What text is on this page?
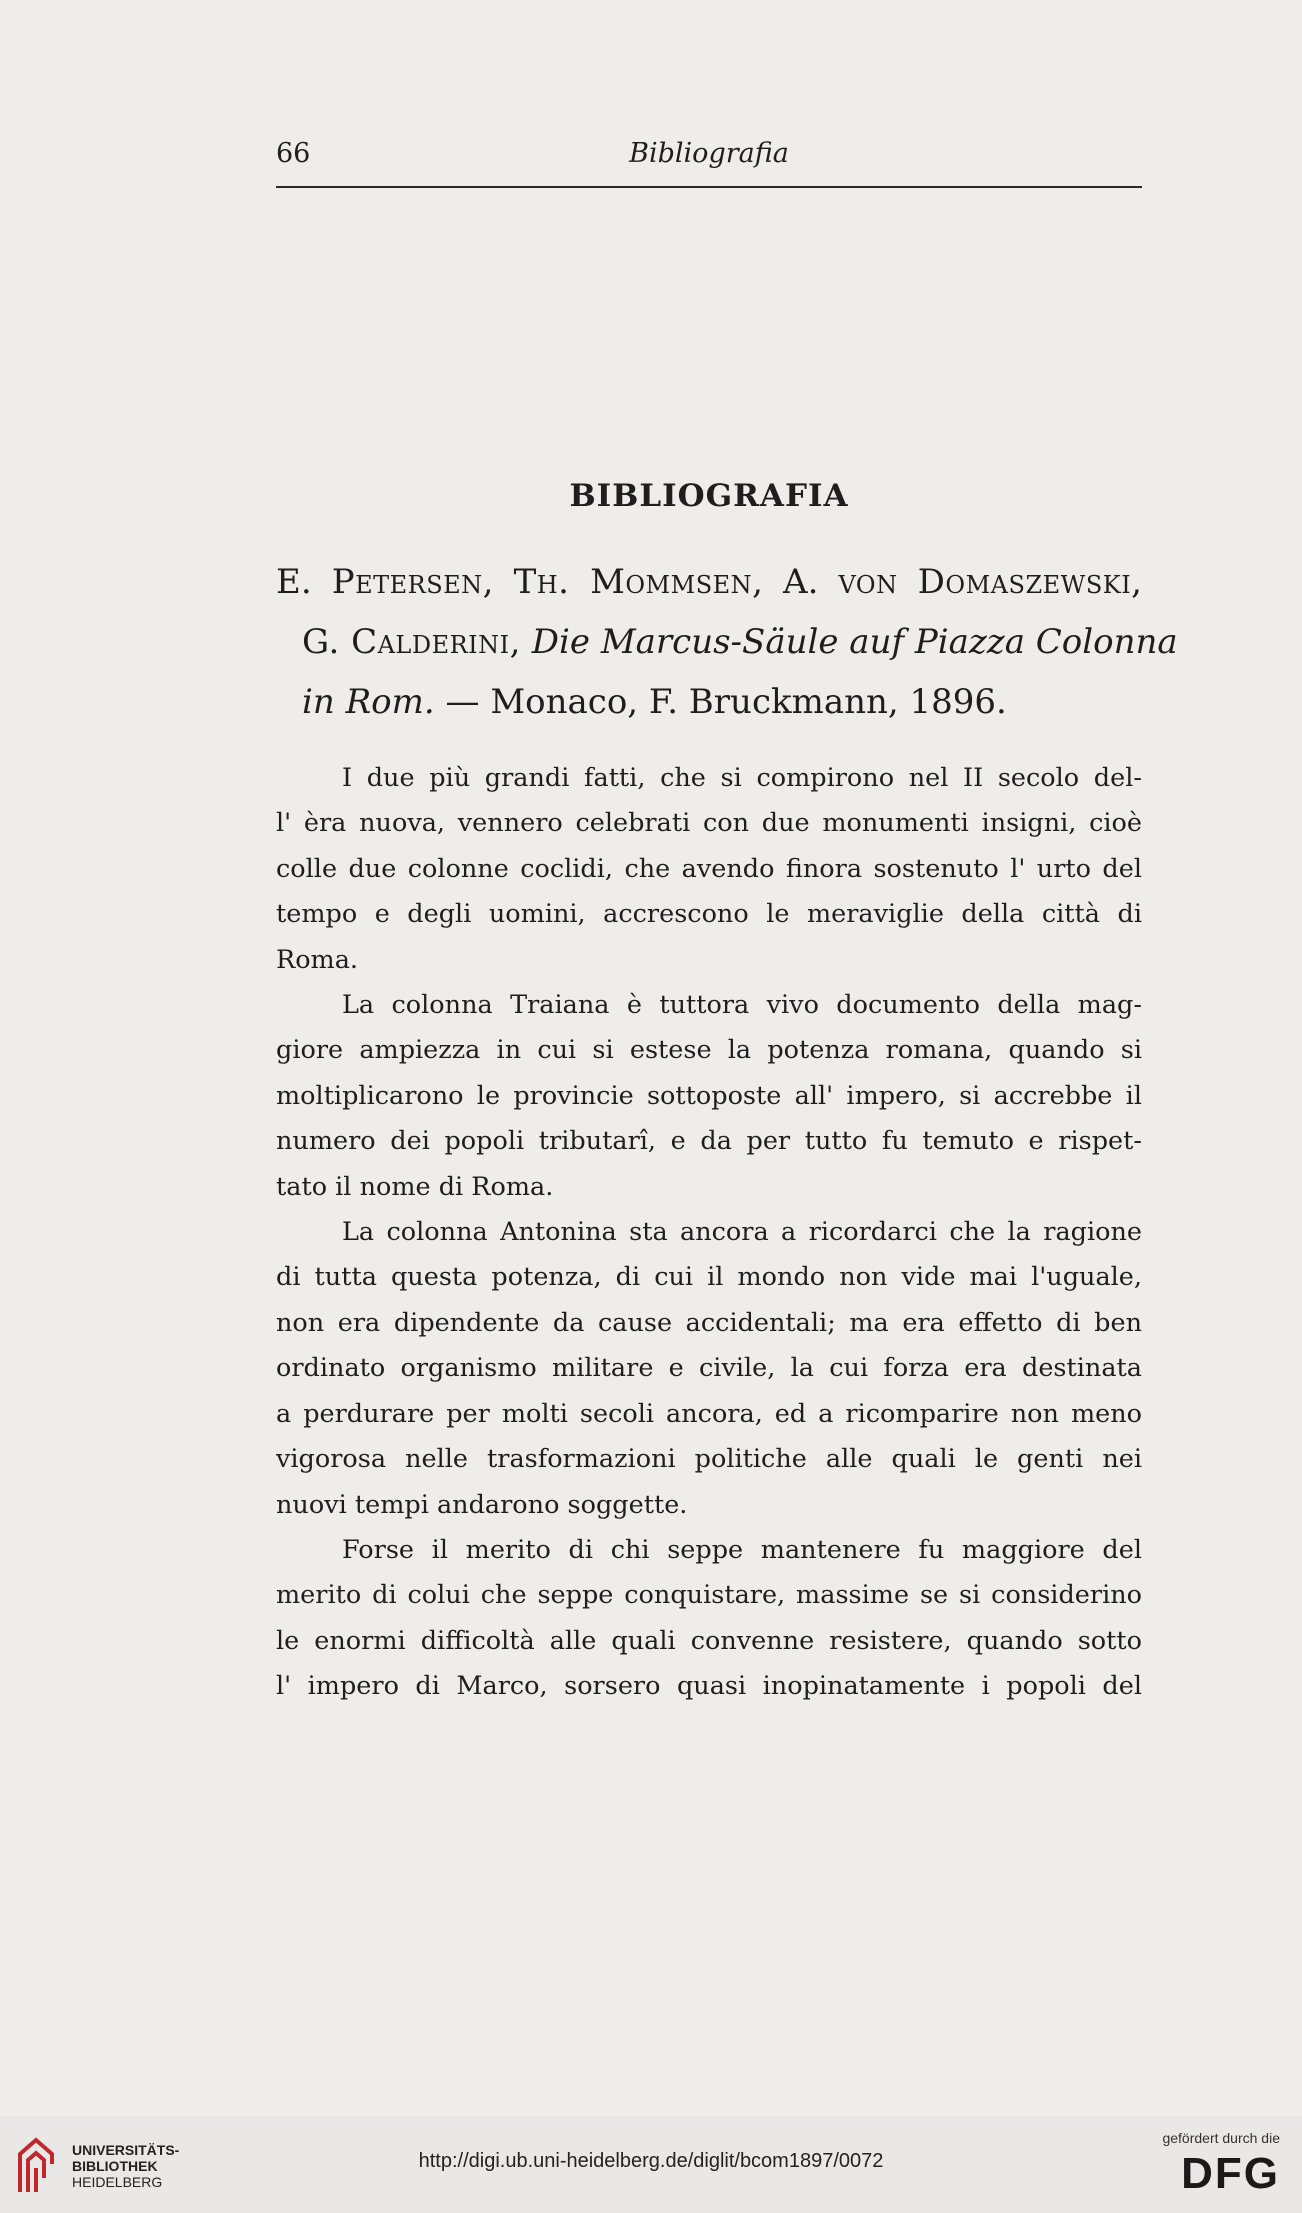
66	Bibliografia
BIBLIOGRAFIA
E. Petersen, Th. Mommsen, A. von Domaszewski,
G. Calderini, Die Marcus-Säule auf Piazza Colonna
in Rom. — Monaco, F. Bruckmann, 1896.

I due più grandi fatti, che si compirono nel II secolo del-
l' èra nuova, vennero celebrati con due monumenti insigni, cioè
colle due colonne coclidi, che avendo finora sostenuto l' urto del
tempo e degli uomini, accrescono le meraviglie della città di
Roma.

La colonna Traiana è tuttora vivo documento della mag-
giore ampiezza in cui si estese la potenza romana, quando si
moltiplicarono le provincie sottoposte all' impero, si accrebbe il
numero dei popoli tributarî, e da per tutto fu temuto e rispet-
tato il nome di Roma.

La colonna Antonina sta ancora a ricordarci che la ragione
di tutta questa potenza, di cui il mondo non vide mai l'uguale,
non era dipendente da cause accidentali; ma era effetto di ben
ordinato organismo militare e civile, la cui forza era destinata
a perdurare per molti secoli ancora, ed a ricomparire non meno
vigorosa nelle trasformazioni politiche alle quali le genti nei
nuovi tempi andarono soggette.

Forse il merito di chi seppe mantenere fu maggiore del
merito di colui che seppe conquistare, massime se si considerino
le enormi difficoltà alle quali convenne resistere, quando sotto
l' impero di Marco, sorsero quasi inopinatamente i popoli del

UNIVERSITÄTS-
BIBLIOTHEK
HEIDELBERG
http://digi.ub.uni-heidelberg.de/diglit/bcom1897/0072
gefördert durch die
DFG
